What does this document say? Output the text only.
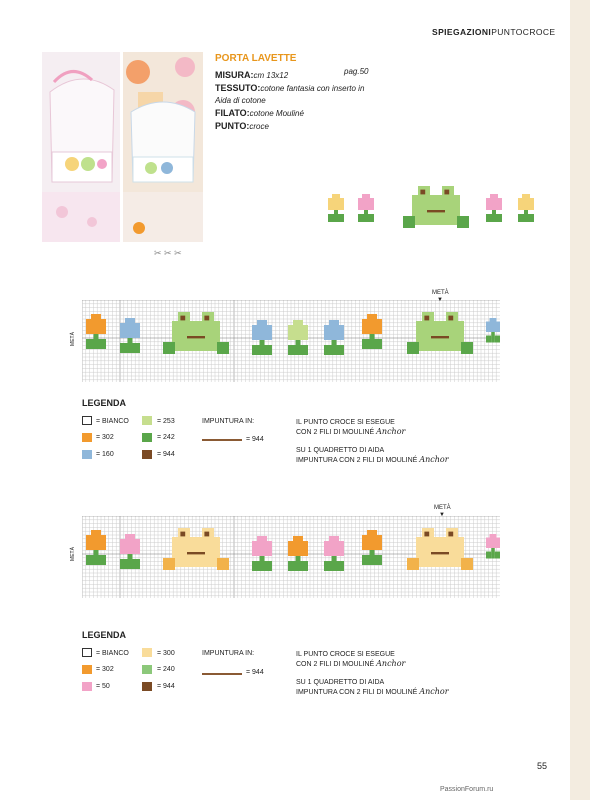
SPIEGAZIONIPUNTOCROCE
✂ ✂ ✂
PORTA LAVETTE
MISURA:cm 13x12
TESSUTO:cotone fantasia con inserto in
Aida di cotone
FILATO:cotone Mouliné
PUNTO:croce
pag.50
METÀ
▼
METÀ
LEGENDA
= BIANCO
= 302
= 160
= 253
= 242
= 944
IMPUNTURA IN:
= 944
IL PUNTO CROCE SI ESEGUE
CON 2 FILI DI MOULINÉ Anchor
SU 1 QUADRETTO DI AIDA
IMPUNTURA CON 2 FILI DI MOULINÉ Anchor
METÀ
▼
METÀ
LEGENDA
= BIANCO
= 302
= 50
= 300
= 240
= 944
IMPUNTURA IN:
= 944
IL PUNTO CROCE SI ESEGUE
CON 2 FILI DI MOULINÉ Anchor
SU 1 QUADRETTO DI AIDA
IMPUNTURA CON 2 FILI DI MOULINÉ Anchor
55
PassionForum.ru
